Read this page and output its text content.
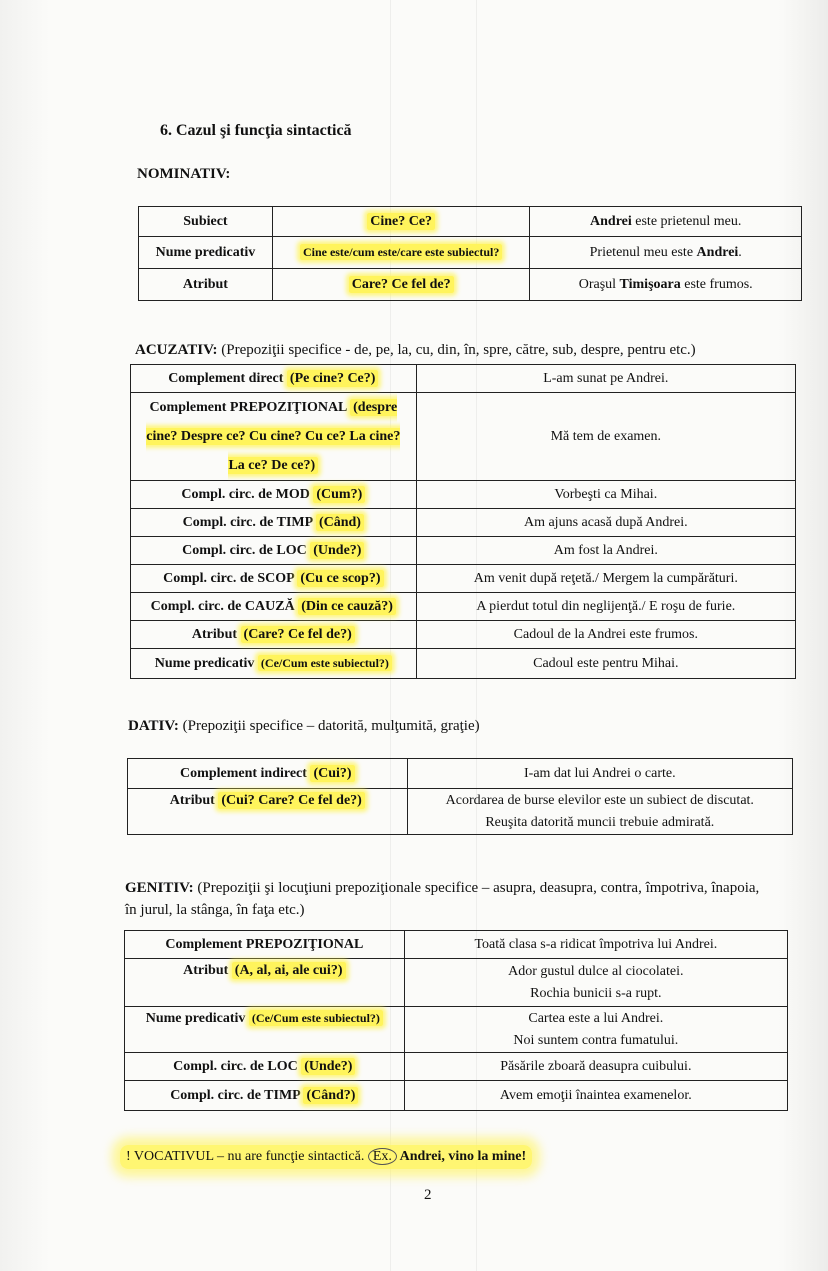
6. Cazul şi funcţia sintactică
NOMINATIV:
Subiect	Cine? Ce?	Andrei este prietenul meu.
Nume predicativ	Cine este/cum este/care este subiectul?	Prietenul meu este Andrei.
Atribut	Care? Ce fel de?	Oraşul Timişoara este frumos.
ACUZATIV: (Prepoziţii specifice - de, pe, la, cu, din, în, spre, către, sub, despre, pentru etc.)
Complement direct (Pe cine? Ce?)	L-am sunat pe Andrei.
Complement PREPOZIŢIONAL (despre cine? Despre ce? Cu cine? Cu ce? La cine? La ce? De ce?)	Mă tem de examen.
Compl. circ. de MOD (Cum?)	Vorbeşti ca Mihai.
Compl. circ. de TIMP (Când)	Am ajuns acasă după Andrei.
Compl. circ. de LOC (Unde?)	Am fost la Andrei.
Compl. circ. de SCOP (Cu ce scop?)	Am venit după reţetă./ Mergem la cumpărături.
Compl. circ. de CAUZĂ (Din ce cauză?)	A pierdut totul din neglijenţă./ E roşu de furie.
Atribut (Care? Ce fel de?)	Cadoul de la Andrei este frumos.
Nume predicativ (Ce/Cum este subiectul?)	Cadoul este pentru Mihai.
DATIV: (Prepoziţii specifice – datorită, mulţumită, graţie)
Complement indirect (Cui?)	I-am dat lui Andrei o carte.
Atribut (Cui? Care? Ce fel de?)	Acordarea de burse elevilor este un subiect de discutat.
Reuşita datorită muncii trebuie admirată.
GENITIV: (Prepoziţii şi locuţiuni prepoziţionale specifice – asupra, deasupra, contra, împotriva, înapoia, în jurul, la stânga, în faţa etc.)
Complement PREPOZIŢIONAL	Toată clasa s-a ridicat împotriva lui Andrei.
Atribut (A, al, ai, ale cui?)	Ador gustul dulce al ciocolatei.
Rochia bunicii s-a rupt.

Nume predicativ (Ce/Cum este subiectul?)	Cartea este a lui Andrei.
Noi suntem contra fumatului.

Compl. circ. de LOC (Unde?)	Păsările zboară deasupra cuibului.
Compl. circ. de TIMP (Când?)	Avem emoţii înaintea examenelor.
! VOCATIVUL – nu are funcţie sintactică. Ex. Andrei, vino la mine!
2
